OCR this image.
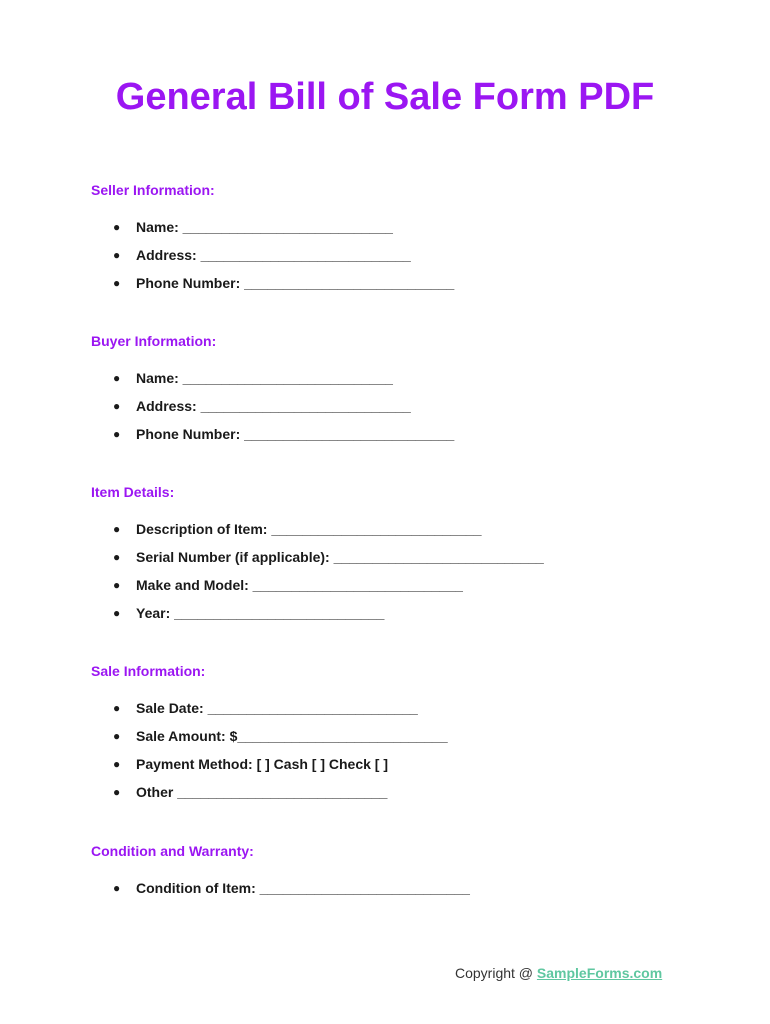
General Bill of Sale Form PDF
Seller Information:
● Name: ___________________________
● Address: ___________________________
● Phone Number: ___________________________
Buyer Information:
● Name: ___________________________
● Address: ___________________________
● Phone Number: ___________________________
Item Details:
● Description of Item: ___________________________
● Serial Number (if applicable): ___________________________
● Make and Model: ___________________________
● Year: ___________________________
Sale Information:
● Sale Date: ___________________________
● Sale Amount: $___________________________
● Payment Method: [ ] Cash [ ] Check [ ]
● Other ___________________________
Condition and Warranty:
● Condition of Item: ___________________________
Copyright @ SampleForms.com
